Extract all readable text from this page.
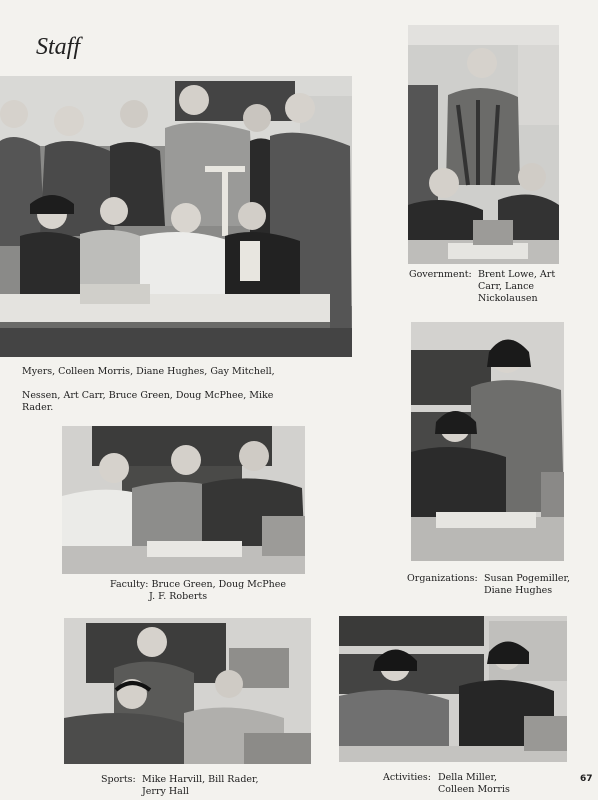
Staff
Government: Brent Lowe, Art
Carr, Lance
Nickolausen
Myers, Colleen Morris, Diane Hughes, Gay Mitchell,
Nessen, Art Carr, Bruce Green, Doug McPhee, Mike
Rader.
Organizations: Susan Pogemiller,
Diane Hughes
Faculty: Bruce Green, Doug McPhee
J. F. Roberts
Sports: Mike Harvill, Bill Rader,
Jerry Hall
Activities: Della Miller,
Colleen Morris
67
